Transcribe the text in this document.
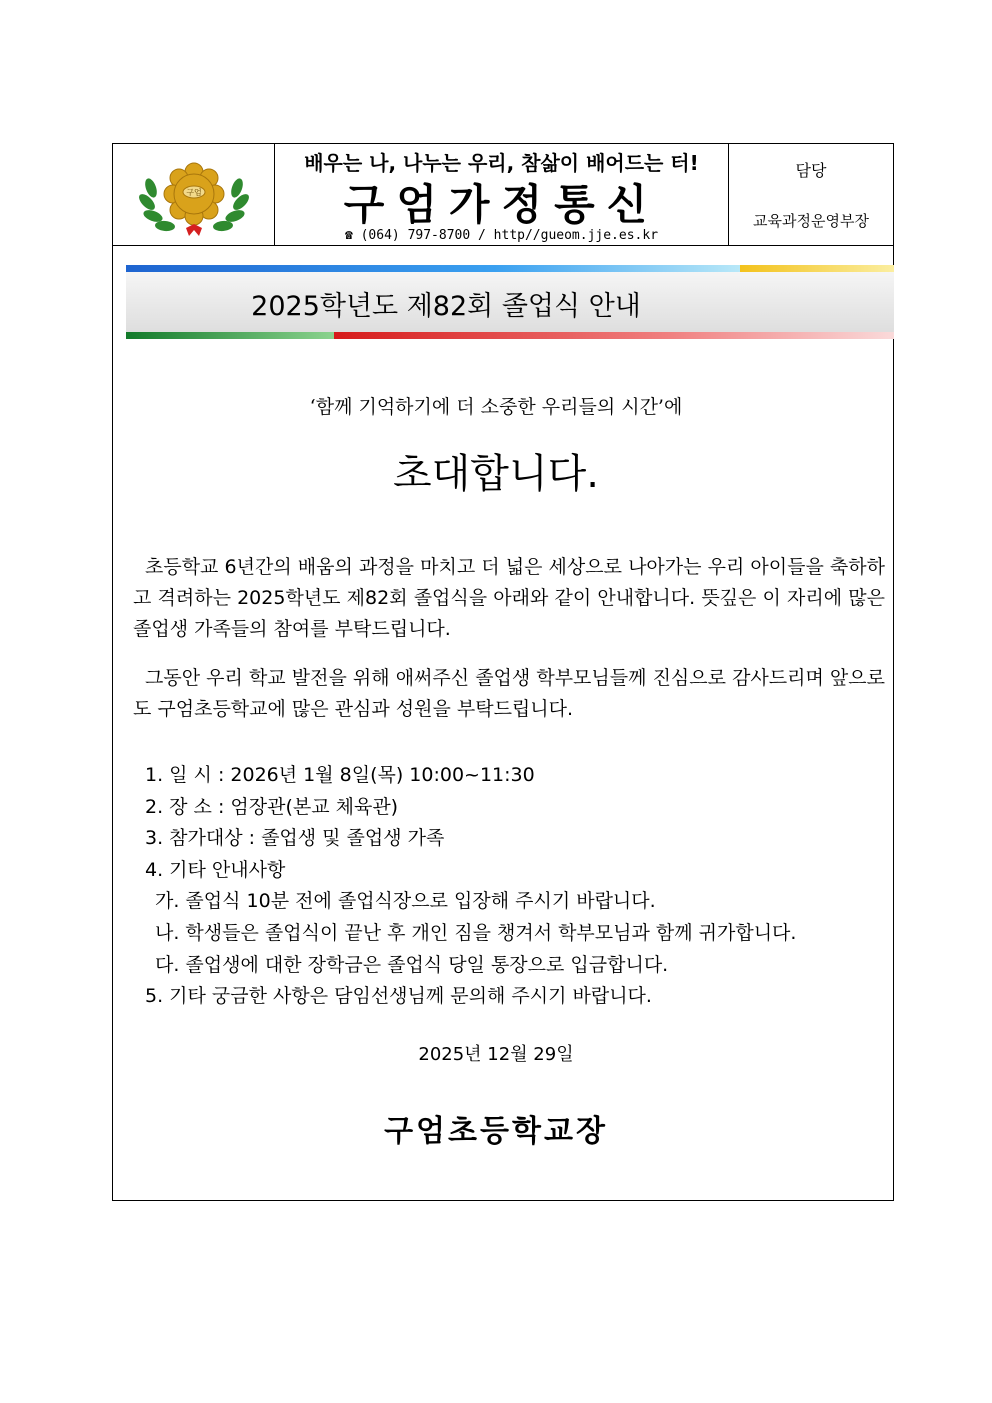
구엄
배우는 나, 나누는 우리, 참삶이 배어드는 터!
구엄가정통신
☎ (064) 797-8700 / http//gueom.jje.es.kr
담당
교육과정운영부장
2025학년도 제82회 졸업식 안내
‘함께 기억하기에 더 소중한 우리들의 시간’에
초대합니다.
초등학교 6년간의 배움의 과정을 마치고 더 넓은 세상으로 나아가는 우리 아이들을 축하하고 격려하는 2025학년도 제82회 졸업식을 아래와 같이 안내합니다. 뜻깊은 이 자리에 많은 졸업생 가족들의 참여를 부탁드립니다.
그동안 우리 학교 발전을 위해 애써주신 졸업생 학부모님들께 진심으로 감사드리며 앞으로도 구엄초등학교에 많은 관심과 성원을 부탁드립니다.
1. 일 시 : 2026년 1월 8일(목) 10:00~11:30
2. 장 소 : 엄장관(본교 체육관)
3. 참가대상 : 졸업생 및 졸업생 가족
4. 기타 안내사항
가. 졸업식 10분 전에 졸업식장으로 입장해 주시기 바랍니다.
나. 학생들은 졸업식이 끝난 후 개인 짐을 챙겨서 학부모님과 함께 귀가합니다.
다. 졸업생에 대한 장학금은 졸업식 당일 통장으로 입금합니다.
5. 기타 궁금한 사항은 담임선생님께 문의해 주시기 바랍니다.
2025년 12월 29일
구엄초등학교장
